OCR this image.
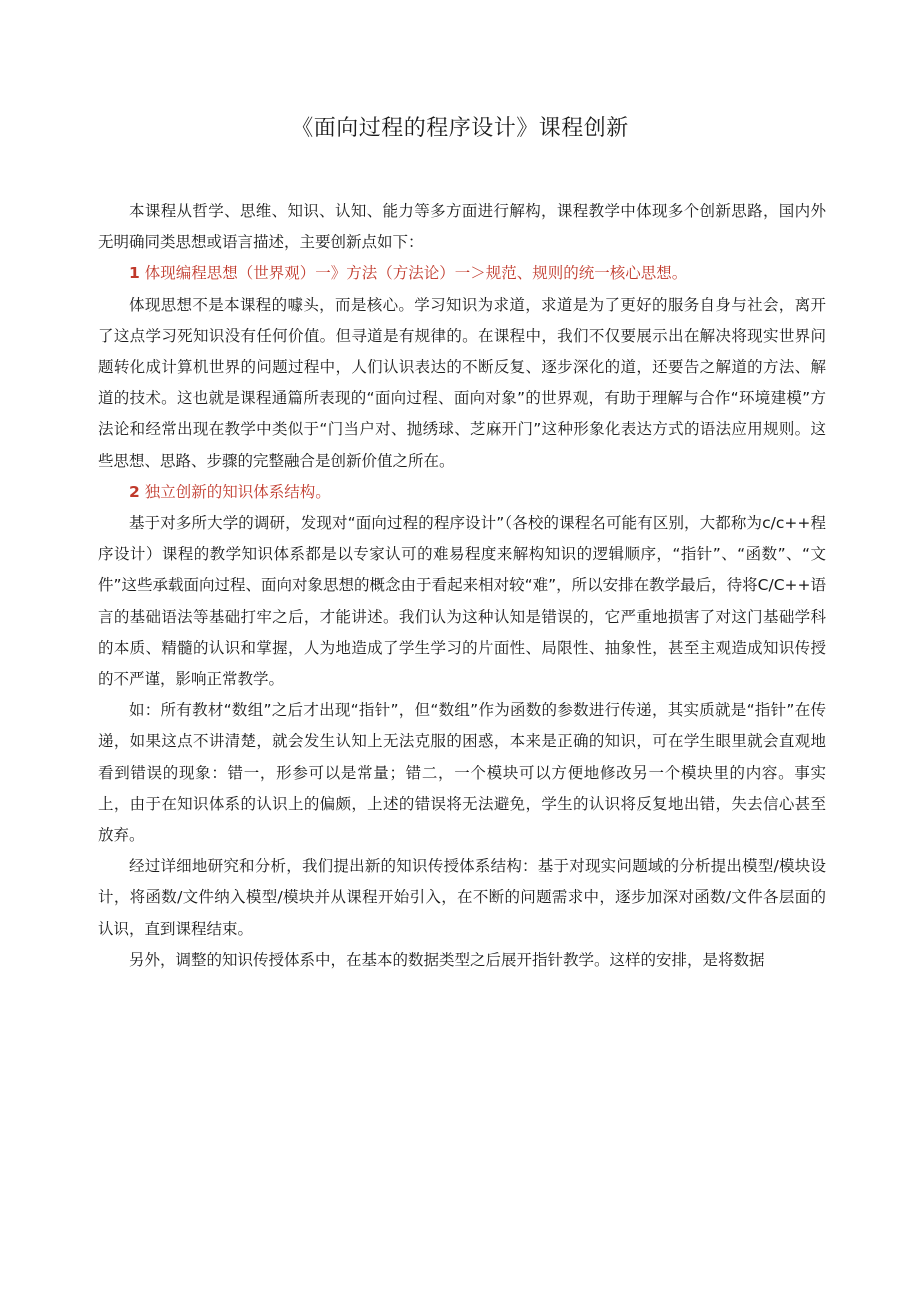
《面向过程的程序设计》课程创新

本课程从哲学、思维、知识、认知、能力等多方面进行解构，课程教学中体现多个创新思路，国内外无明确同类思想或语言描述，主要创新点如下：

1 体现编程思想（世界观）一》方法（方法论）一＞规范、规则的统一核心思想。

体现思想不是本课程的噱头，而是核心。学习知识为求道，求道是为了更好的服务自身与社会，离开了这点学习死知识没有任何价值。但寻道是有规律的。在课程中，我们不仅要展示出在解决将现实世界问题转化成计算机世界的问题过程中，人们认识表达的不断反复、逐步深化的道，还要告之解道的方法、解道的技术。这也就是课程通篇所表现的“面向过程、面向对象”的世界观，有助于理解与合作“环境建模”方法论和经常出现在教学中类似于“门当户对、抛绣球、芝麻开门”这种形象化表达方式的语法应用规则。这些思想、思路、步骤的完整融合是创新价值之所在。

2 独立创新的知识体系结构。

基于对多所大学的调研，发现对“面向过程的程序设计”（各校的课程名可能有区别，大都称为c/c++程序设计）课程的教学知识体系都是以专家认可的难易程度来解构知识的逻辑顺序，“指针”、“函数”、“文件”这些承载面向过程、面向对象思想的概念由于看起来相对较“难”，所以安排在教学最后，待将C/C++语言的基础语法等基础打牢之后，才能讲述。我们认为这种认知是错误的，它严重地损害了对这门基础学科的本质、精髓的认识和掌握，人为地造成了学生学习的片面性、局限性、抽象性，甚至主观造成知识传授的不严谨，影响正常教学。

如：所有教材“数组”之后才出现“指针”，但“数组”作为函数的参数进行传递，其实质就是“指针”在传递，如果这点不讲清楚，就会发生认知上无法克服的困惑，本来是正确的知识，可在学生眼里就会直观地看到错误的现象：错一，形参可以是常量；错二，一个模块可以方便地修改另一个模块里的内容。事实上，由于在知识体系的认识上的偏颇，上述的错误将无法避免，学生的认识将反复地出错，失去信心甚至放弃。

经过详细地研究和分析，我们提出新的知识传授体系结构：基于对现实问题域的分析提出模型/模块设计，将函数/文件纳入模型/模块并从课程开始引入，在不断的问题需求中，逐步加深对函数/文件各层面的认识，直到课程结束。

另外，调整的知识传授体系中，在基本的数据类型之后展开指针教学。这样的安排，是将数据
